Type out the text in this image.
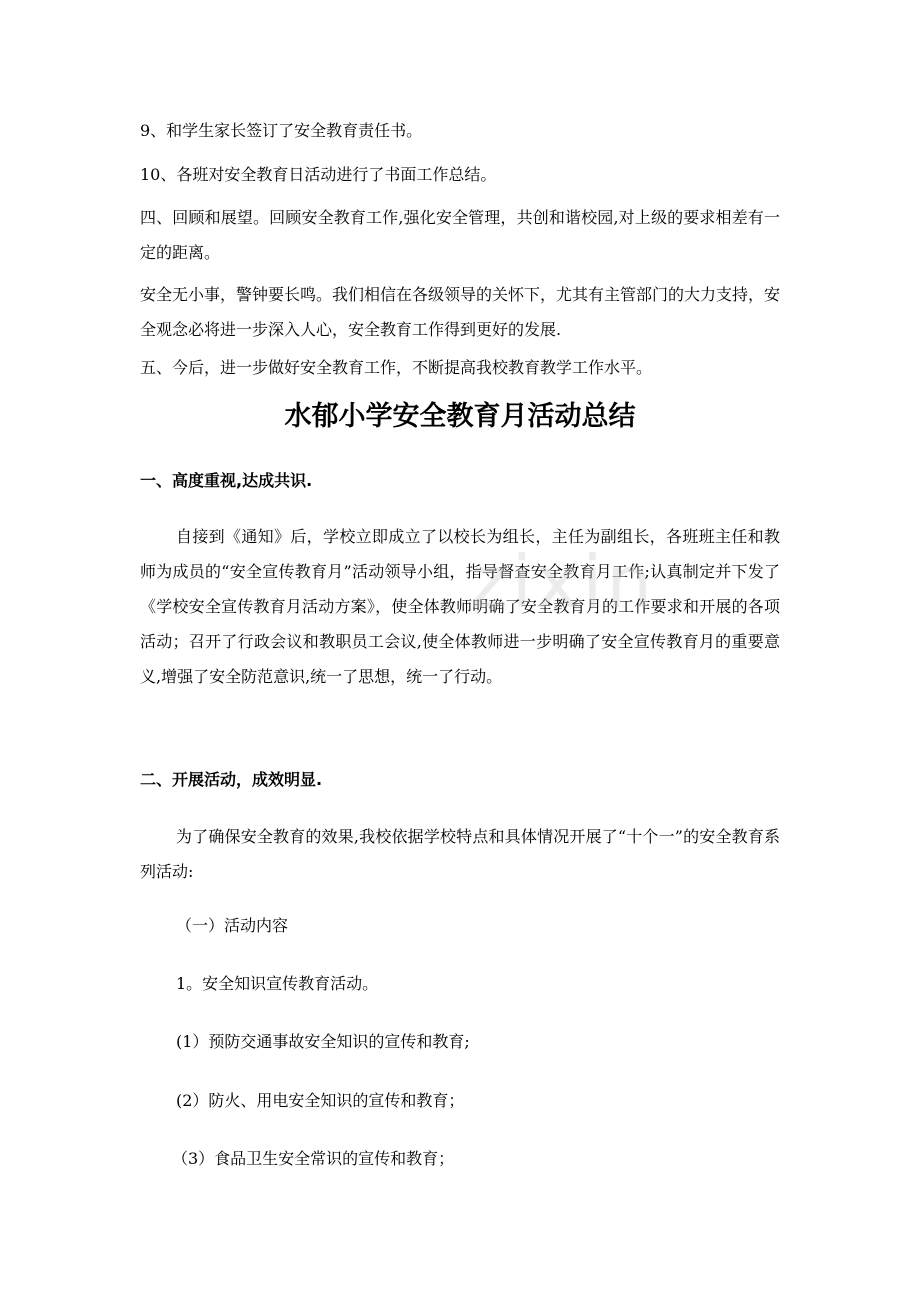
9、和学生家长签订了安全教育责任书。
10、各班对安全教育日活动进行了书面工作总结。
四、回顾和展望。回顾安全教育工作,强化安全管理，共创和谐校园,对上级的要求相差有一定的距离。
安全无小事，警钟要长鸣。我们相信在各级领导的关怀下，尤其有主管部门的大力支持，安全观念必将进一步深入人心，安全教育工作得到更好的发展.
五、今后，进一步做好安全教育工作，不断提高我校教育教学工作水平。
水郁小学安全教育月活动总结
一、高度重视,达成共识.
自接到《通知》后，学校立即成立了以校长为组长，主任为副组长，各班班主任和教师为成员的“安全宣传教育月”活动领导小组，指导督查安全教育月工作;认真制定并下发了《学校安全宣传教育月活动方案》，使全体教师明确了安全教育月的工作要求和开展的各项活动；召开了行政会议和教职员工会议,使全体教师进一步明确了安全宣传教育月的重要意义,增强了安全防范意识,统一了思想，统一了行动。
二、开展活动，成效明显.
为了确保安全教育的效果,我校依据学校特点和具体情况开展了“十个一”的安全教育系列活动:
（一）活动内容
1。安全知识宣传教育活动。
(1）预防交通事故安全知识的宣传和教育;
(2）防火、用电安全知识的宣传和教育；
（3）食品卫生安全常识的宣传和教育；
zixin
